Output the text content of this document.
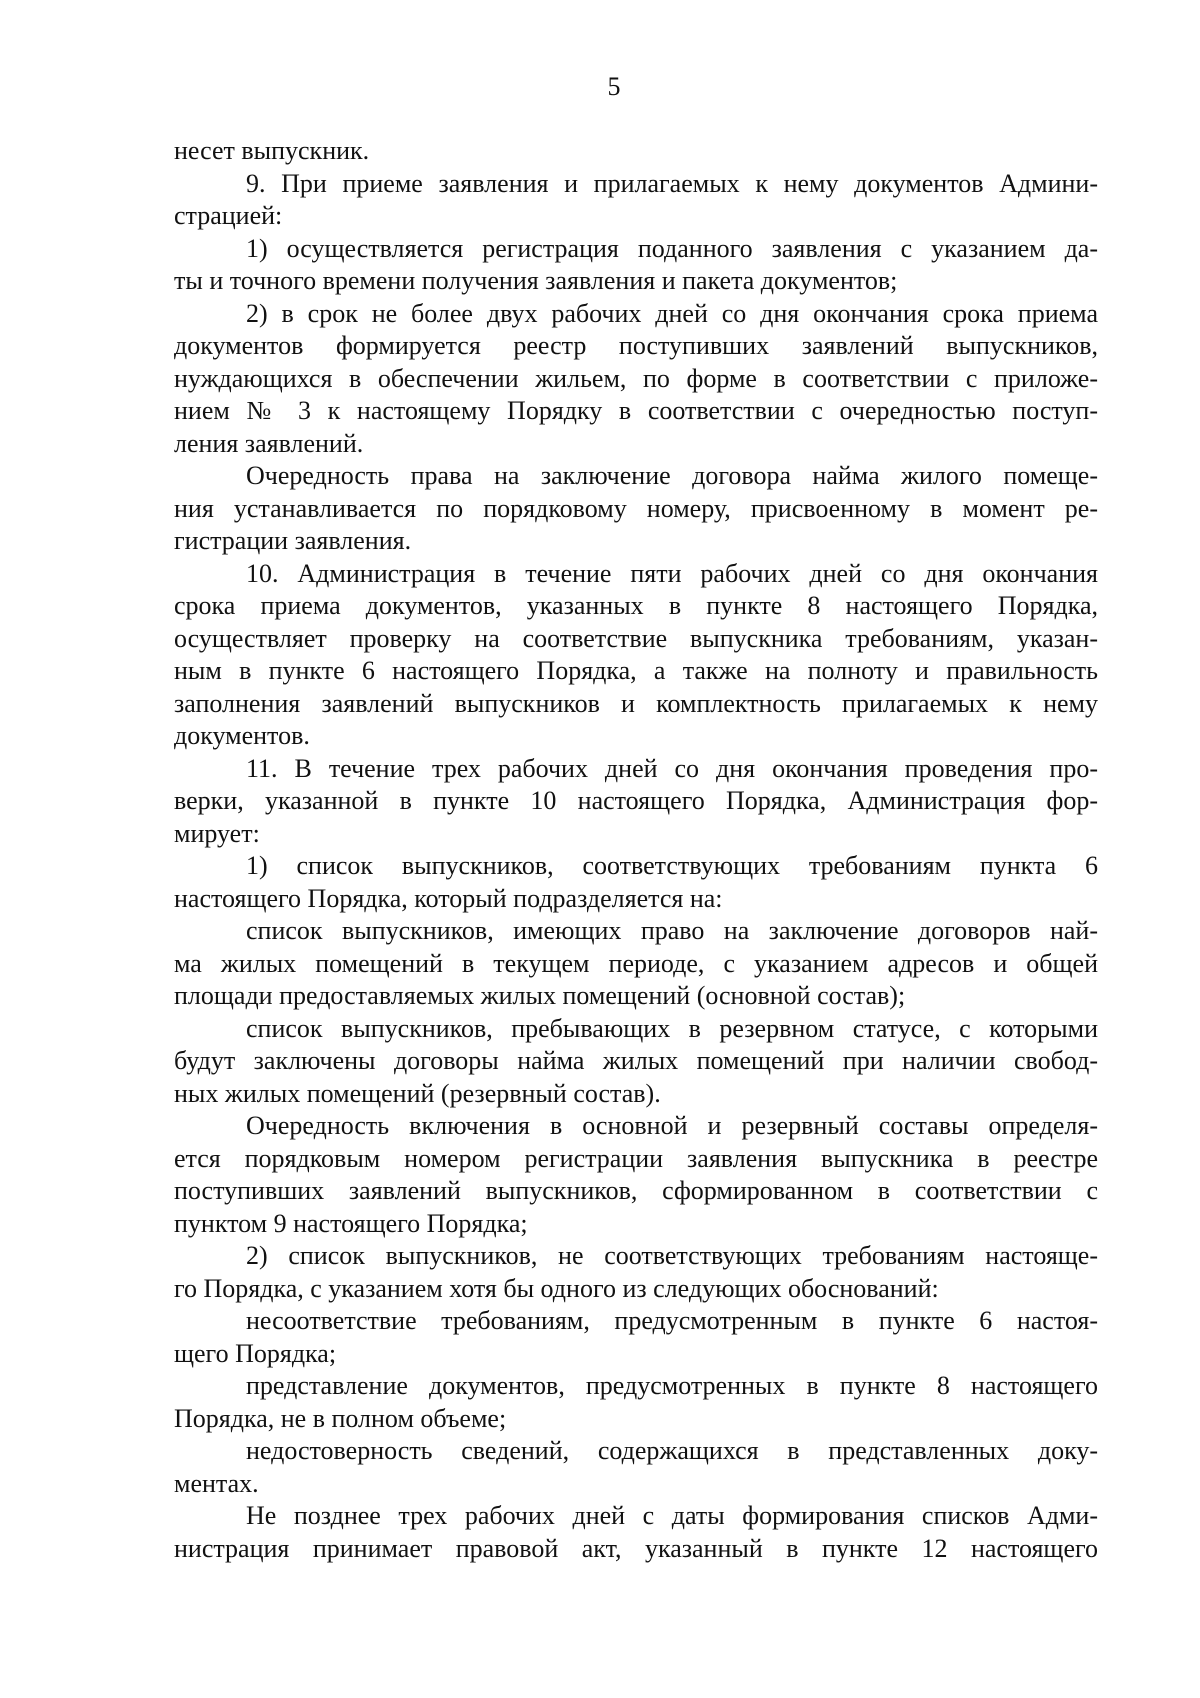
5
несет выпускник.
9. При приеме заявления и прилагаемых к нему документов Админи-
страцией:
1) осуществляется регистрация поданного заявления с указанием да-
ты и точного времени получения заявления и пакета документов;
2) в срок не более двух рабочих дней со дня окончания срока приема
документов формируется реестр поступивших заявлений выпускников,
нуждающихся в обеспечении жильем, по форме в соответствии с приложе-
нием № 3 к настоящему Порядку в соответствии с очередностью поступ-
ления заявлений.
Очередность права на заключение договора найма жилого помеще-
ния устанавливается по порядковому номеру, присвоенному в момент ре-
гистрации заявления.
10. Администрация в течение пяти рабочих дней со дня окончания
срока приема документов, указанных в пункте 8 настоящего Порядка,
осуществляет проверку на соответствие выпускника требованиям, указан-
ным в пункте 6 настоящего Порядка, а также на полноту и правильность
заполнения заявлений выпускников и комплектность прилагаемых к нему
документов.
11. В течение трех рабочих дней со дня окончания проведения про-
верки, указанной в пункте 10 настоящего Порядка, Администрация фор-
мирует:
1) список выпускников, соответствующих требованиям пункта 6
настоящего Порядка, который подразделяется на:
список выпускников, имеющих право на заключение договоров най-
ма жилых помещений в текущем периоде, с указанием адресов и общей
площади предоставляемых жилых помещений (основной состав);
список выпускников, пребывающих в резервном статусе, с которыми
будут заключены договоры найма жилых помещений при наличии свобод-
ных жилых помещений (резервный состав).
Очередность включения в основной и резервный составы определя-
ется порядковым номером регистрации заявления выпускника в реестре
поступивших заявлений выпускников, сформированном в соответствии с
пунктом 9 настоящего Порядка;
2) список выпускников, не соответствующих требованиям настояще-
го Порядка, с указанием хотя бы одного из следующих обоснований:
несоответствие требованиям, предусмотренным в пункте 6 настоя-
щего Порядка;
представление документов, предусмотренных в пункте 8 настоящего
Порядка, не в полном объеме;
недостоверность сведений, содержащихся в представленных доку-
ментах.
Не позднее трех рабочих дней с даты формирования списков Адми-
нистрация принимает правовой акт, указанный в пункте 12 настоящего
